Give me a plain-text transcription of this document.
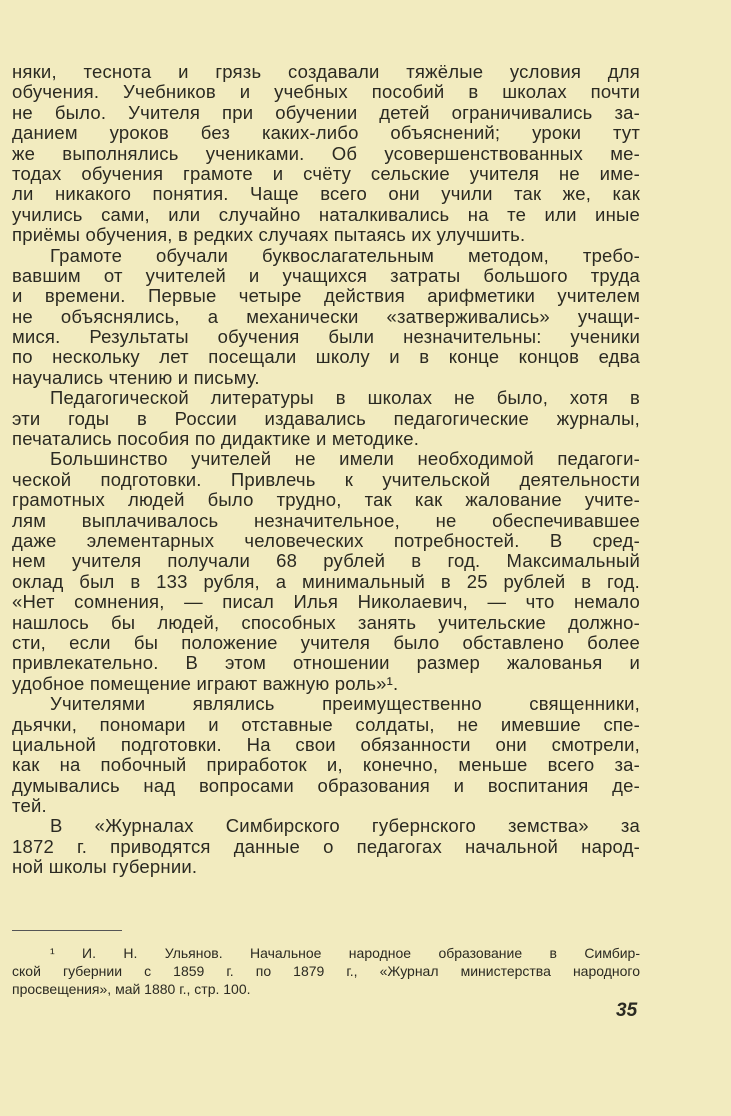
няки, теснота и грязь создавали тяжёлые условия для
обучения. Учебников и учебных пособий в школах почти
не было. Учителя при обучении детей ограничивались за-
данием уроков без каких-либо объяснений; уроки тут
же выполнялись учениками. Об усовершенствованных ме-
тодах обучения грамоте и счёту сельские учителя не име-
ли никакого понятия. Чаще всего они учили так же, как
учились сами, или случайно наталкивались на те или иные
приёмы обучения, в редких случаях пытаясь их улучшить.
Грамоте обучали буквослагательным методом, требо-
вавшим от учителей и учащихся затраты большого труда
и времени. Первые четыре действия арифметики учителем
не объяснялись, а механически «затверживались» учащи-
мися. Результаты обучения были незначительны: ученики
по нескольку лет посещали школу и в конце концов едва
научались чтению и письму.
Педагогической литературы в школах не было, хотя в
эти годы в России издавались педагогические журналы,
печатались пособия по дидактике и методике.
Большинство учителей не имели необходимой педагоги-
ческой подготовки. Привлечь к учительской деятельности
грамотных людей было трудно, так как жалование учите-
лям выплачивалось незначительное, не обеспечивавшее
даже элементарных человеческих потребностей. В сред-
нем учителя получали 68 рублей в год. Максимальный
оклад был в 133 рубля, а минимальный в 25 рублей в год.
«Нет сомнения, — писал Илья Николаевич, — что немало
нашлось бы людей, способных занять учительские должно-
сти, если бы положение учителя было обставлено более
привлекательно. В этом отношении размер жалованья и
удобное помещение играют важную роль»¹.
Учителями являлись преимущественно священники,
дьячки, пономари и отставные солдаты, не имевшие спе-
циальной подготовки. На свои обязанности они смотрели,
как на побочный приработок и, конечно, меньше всего за-
думывались над вопросами образования и воспитания де-
тей.
В «Журналах Симбирского губернского земства» за
1872 г. приводятся данные о педагогах начальной народ-
ной школы губернии.
¹ И. Н. Ульянов. Начальное народное образование в Симбир-
ской губернии с 1859 г. по 1879 г., «Журнал министерства народного
просвещения», май 1880 г., стр. 100.
35
